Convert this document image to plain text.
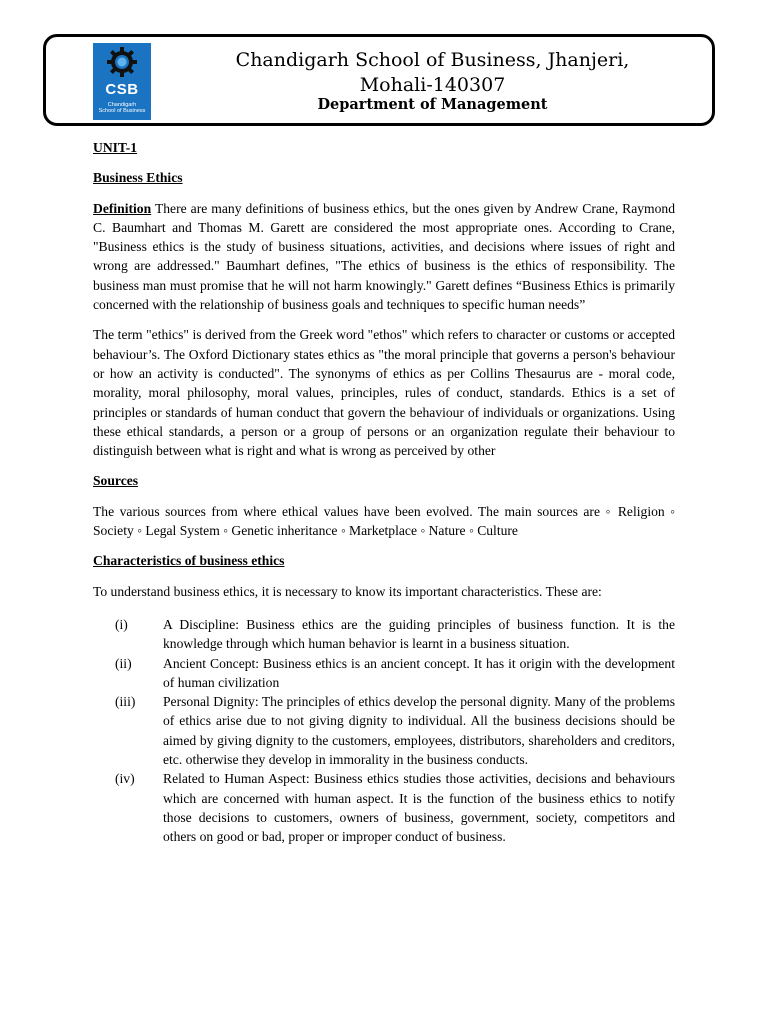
CSB
Chandigarh
School of Business
Chandigarh School of Business, Jhanjeri,
Mohali-140307
Department of Management
UNIT-1
Business Ethics

Definition There are many definitions of business ethics, but the ones given by Andrew Crane, Raymond C. Baumhart and Thomas M. Garett are considered the most appropriate ones. According to Crane, "Business ethics is the study of business situations, activities, and decisions where issues of right and wrong are addressed." Baumhart defines, "The ethics of business is the ethics of responsibility. The business man must promise that he will not harm knowingly." Garett defines “Business Ethics is primarily concerned with the relationship of business goals and techniques to specific human needs”

The term "ethics" is derived from the Greek word "ethos" which refers to character or customs or accepted behaviour’s. The Oxford Dictionary states ethics as "the moral principle that governs a person's behaviour or how an activity is conducted". The synonyms of ethics as per Collins Thesaurus are - moral code, morality, moral philosophy, moral values, principles, rules of conduct, standards. Ethics is a set of principles or standards of human conduct that govern the behaviour of individuals or organizations. Using these ethical standards, a person or a group of persons or an organization regulate their behaviour to distinguish between what is right and what is wrong as perceived by other

Sources

The various sources from where ethical values have been evolved. The main sources are ◦ Religion ◦ Society ◦ Legal System ◦ Genetic inheritance ◦ Marketplace ◦ Nature ◦ Culture

Characteristics of business ethics

To understand business ethics, it is necessary to know its important characteristics. These are:

(i)	A Discipline: Business ethics are the guiding principles of business function. It is the knowledge through which human behavior is learnt in a business situation.
(ii)	Ancient Concept: Business ethics is an ancient concept. It has it origin with the development of human civilization
(iii)	Personal Dignity: The principles of ethics develop the personal dignity. Many of the problems of ethics arise due to not giving dignity to individual. All the business decisions should be aimed by giving dignity to the customers, employees, distributors, shareholders and creditors, etc. otherwise they develop in immorality in the business conducts.
(iv)	Related to Human Aspect: Business ethics studies those activities, decisions and behaviours which are concerned with human aspect. It is the function of the business ethics to notify those decisions to customers, owners of business, government, society, competitors and others on good or bad, proper or improper conduct of business.
